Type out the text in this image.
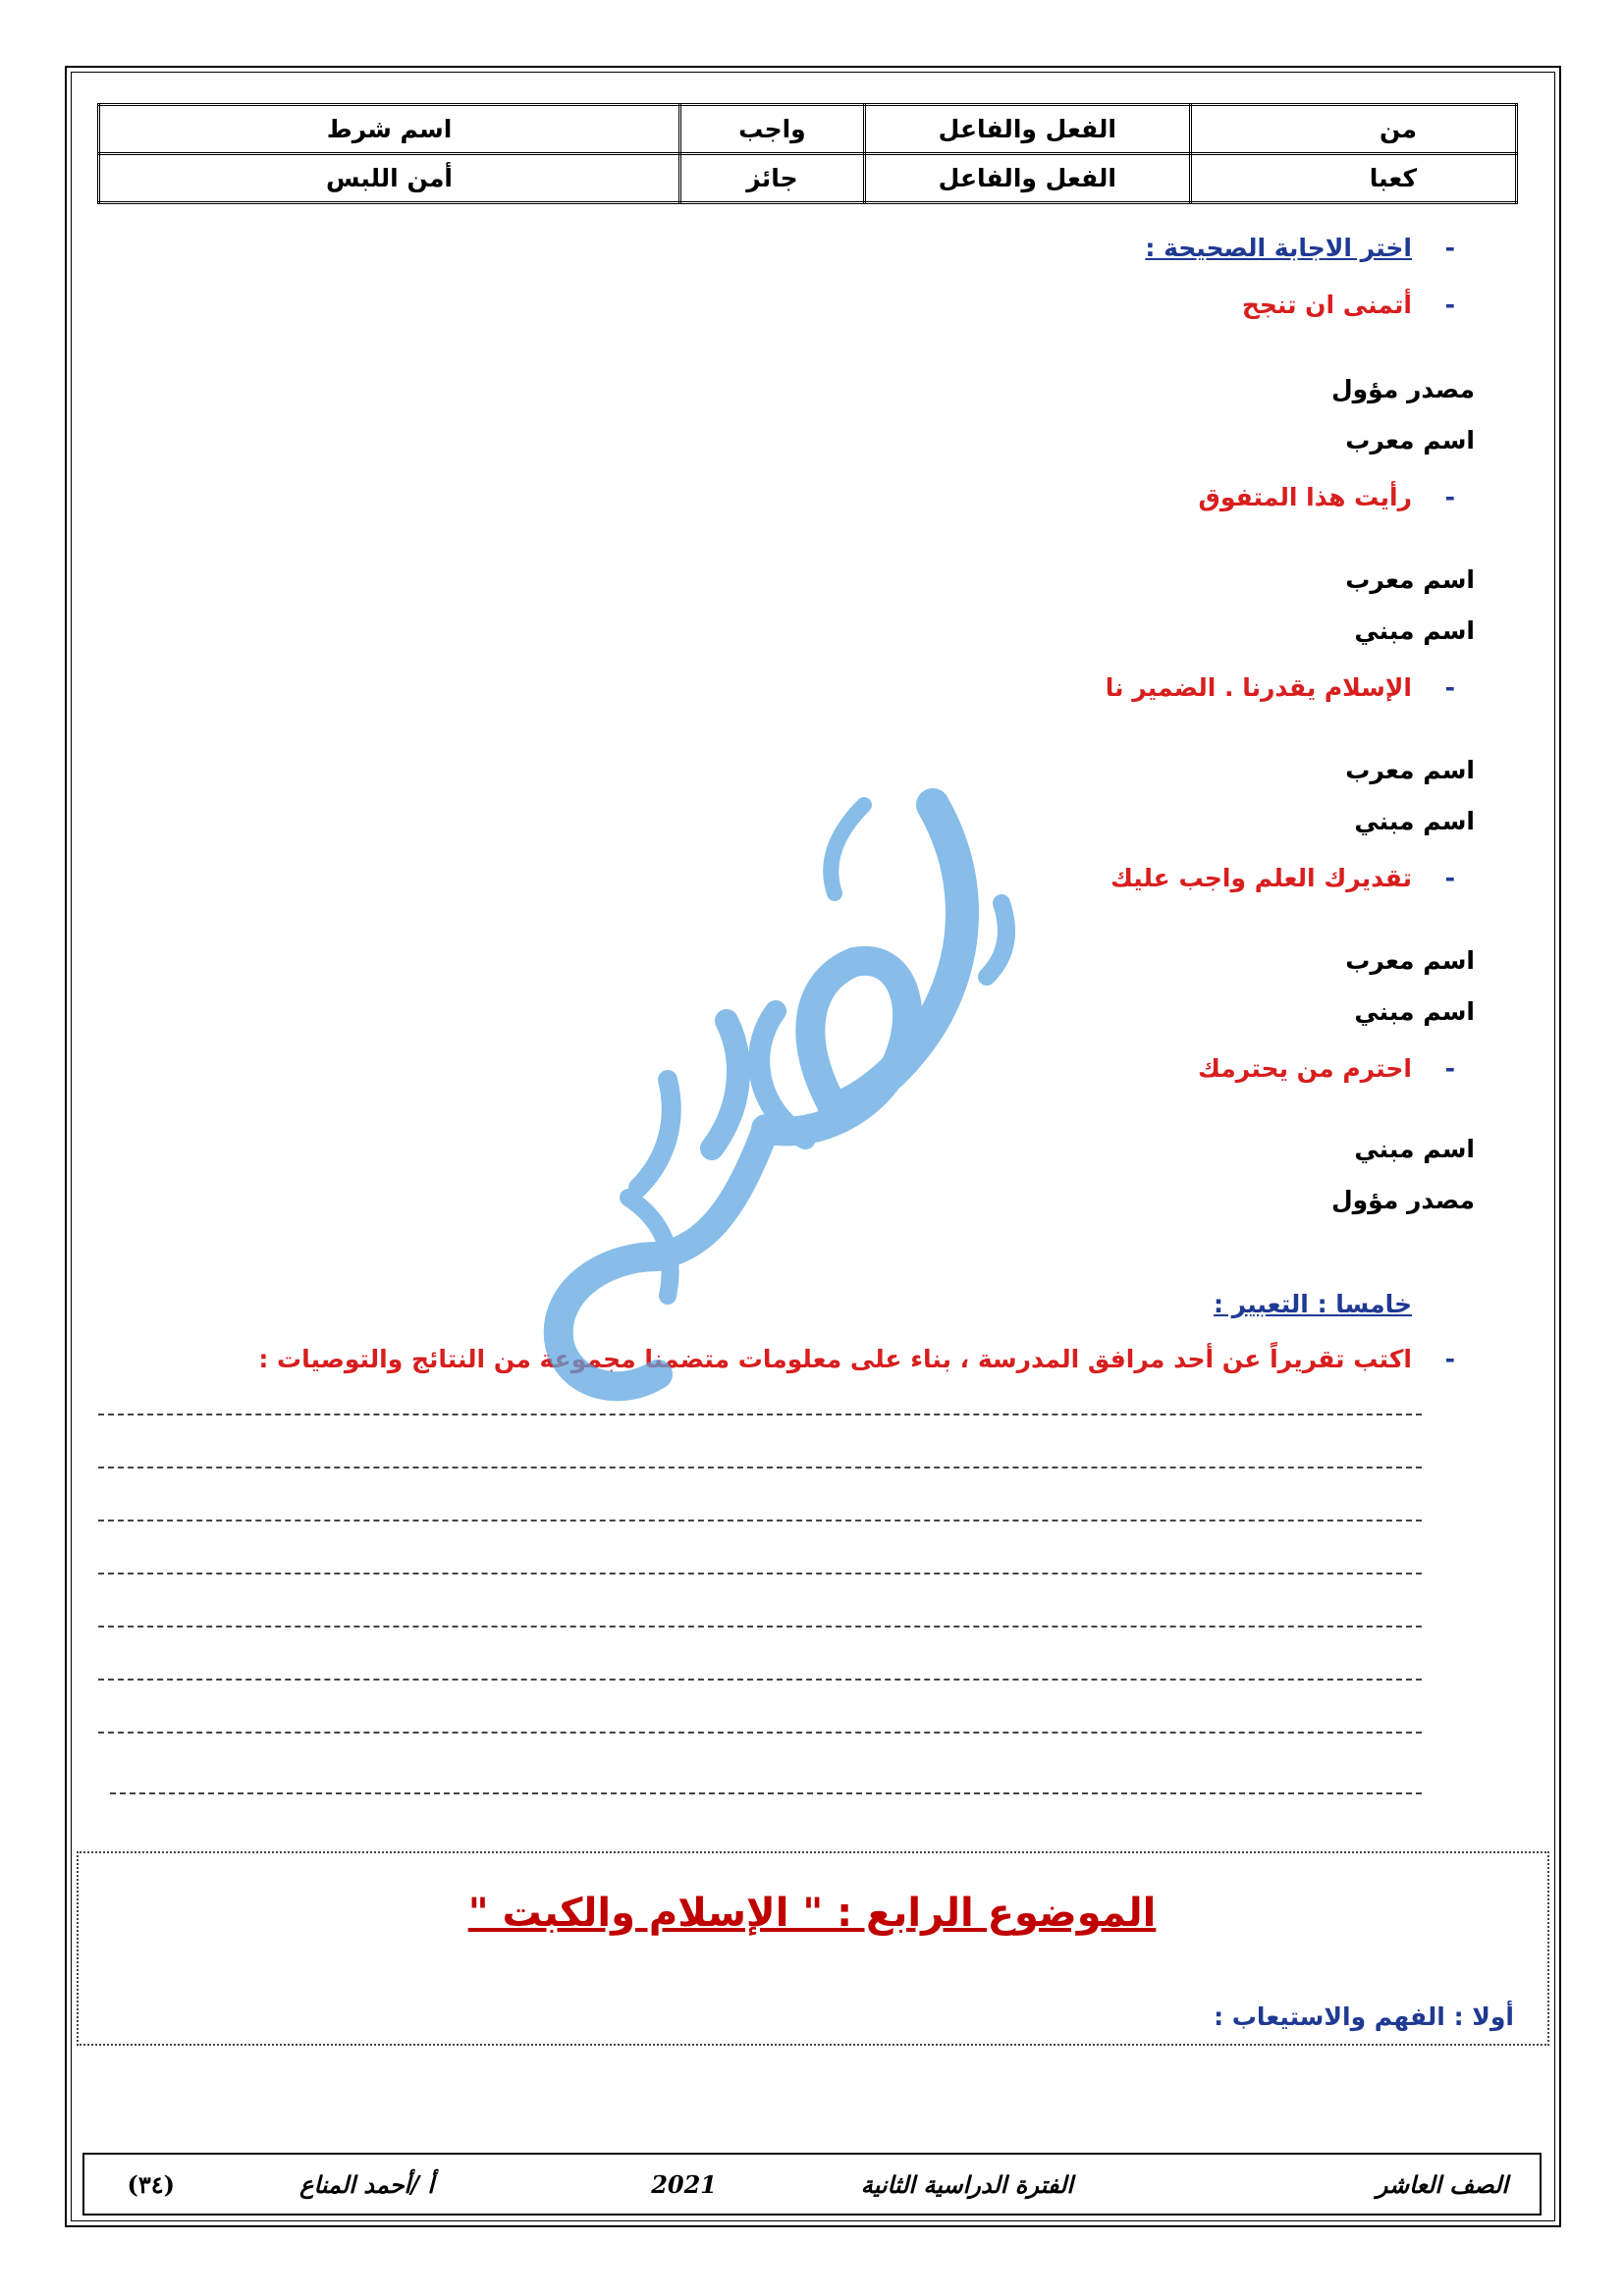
من	الفعل والفاعل	واجب	اسم شرط
كعبا	الفعل والفاعل	جائز	أمن اللبس
-اختر الاجابة الصحيحة :
-أتمنى ان تنجح
مصدر مؤول
اسم معرب
-رأيت هذا المتفوق
اسم معرب
اسم مبني
-الإسلام يقدرنا . الضمير نا
اسم معرب
اسم مبني
-تقديرك العلم واجب عليك
اسم معرب
اسم مبني
-احترم من يحترمك
اسم مبني
مصدر مؤول
خامسا : التعبير :
-اكتب تقريراً عن أحد مرافق المدرسة ، بناء على معلومات متضمنا مجموعة من النتائج والتوصيات :
الموضوع الرابع : " الإسلام والكبت "
أولا : الفهم والاستيعاب :
الصف العاشر
الفترة الدراسية الثانية
2021
أ /أحمد المناع
(٣٤)
